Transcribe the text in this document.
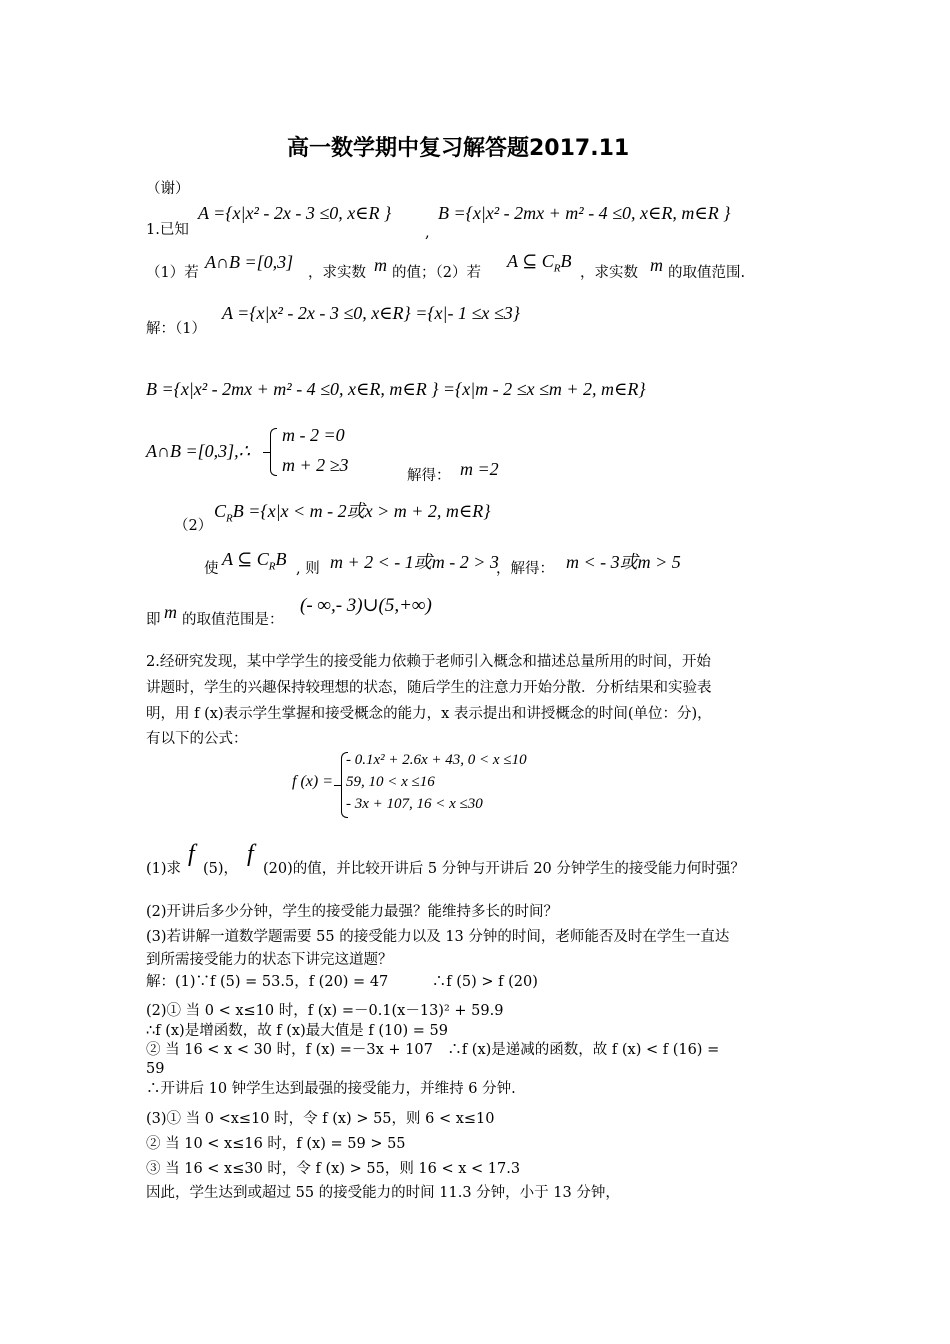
高一数学期中复习解答题2017.11
（谢）
1.已知
A ={x|x² - 2x - 3 ≤0, x∈R }
,
B ={x|x² - 2mx + m² - 4 ≤0, x∈R, m∈R }
（1）若
A∩B =[0,3]
，求实数 m 的值；（2）若
A ⊆ $C_RB$
，求实数 m 的取值范围.
解：（1）
A ={x|x² - 2x - 3 ≤0, x∈R} ={x|- 1 ≤x ≤3}
B ={x|x² - 2mx + m² - 4 ≤0, x∈R, m∈R } ={x|m - 2 ≤x ≤m + 2, m∈R}
A∩B =[0,3],∴
m - 2 =0
m + 2 ≥3
解得： m =2
（2）
$C_RB =\{x|x < m - 2$或x > m + 2, m∈R}
使 A ⊆ $C_RB$ , 则 m + 2 < - 1或m - 2 > 3
，解得： m < - 3或m > 5
即 m 的取值范围是：
(- ∞,- 3)∪(5,+∞)
2.经研究发现，某中学学生的接受能力依赖于老师引入概念和描述总量所用的时间，开始
讲题时，学生的兴趣保持较理想的状态，随后学生的注意力开始分散．分析结果和实验表
明，用 f (x)表示学生掌握和接受概念的能力，x 表示提出和讲授概念的时间(单位：分)，
有以下的公式：
f (x) =
- 0.1x² + 2.6x + 43, 0 < x ≤10
59, 10 < x ≤16
- 3x + 107, 16 < x ≤30
(1)求
f
(5)，
f
(20)的值，并比较开讲后 5 分钟与开讲后 20 分钟学生的接受能力何时强？
(2)开讲后多少分钟，学生的接受能力最强？能维持多长的时间？
(3)若讲解一道数学题需要 55 的接受能力以及 13 分钟的时间，老师能否及时在学生一直达
到所需接受能力的状态下讲完这道题？
解：(1)∵f (5) = 53.5，f (20) = 47　　　∴f (5) > f (20)
(2)① 当 0 < x≤10 时，f (x) =－0.1(x－13)² + 59.9
∴f (x)是增函数，故 f (x)最大值是 f (10) = 59
② 当 16 < x < 30 时，f (x) =－3x + 107　∴f (x)是递减的函数，故 f (x) < f (16) =
59
∴开讲后 10 钟学生达到最强的接受能力，并维持 6 分钟.
(3)① 当 0 <x≤10 时，令 f (x) > 55，则 6 < x≤10
② 当 10 < x≤16 时，f (x) = 59 > 55
③ 当 16 < x≤30 时，令 f (x) > 55，则 16 < x < 17.3
因此，学生达到或超过 55 的接受能力的时间 11.3 分钟，小于 13 分钟，
